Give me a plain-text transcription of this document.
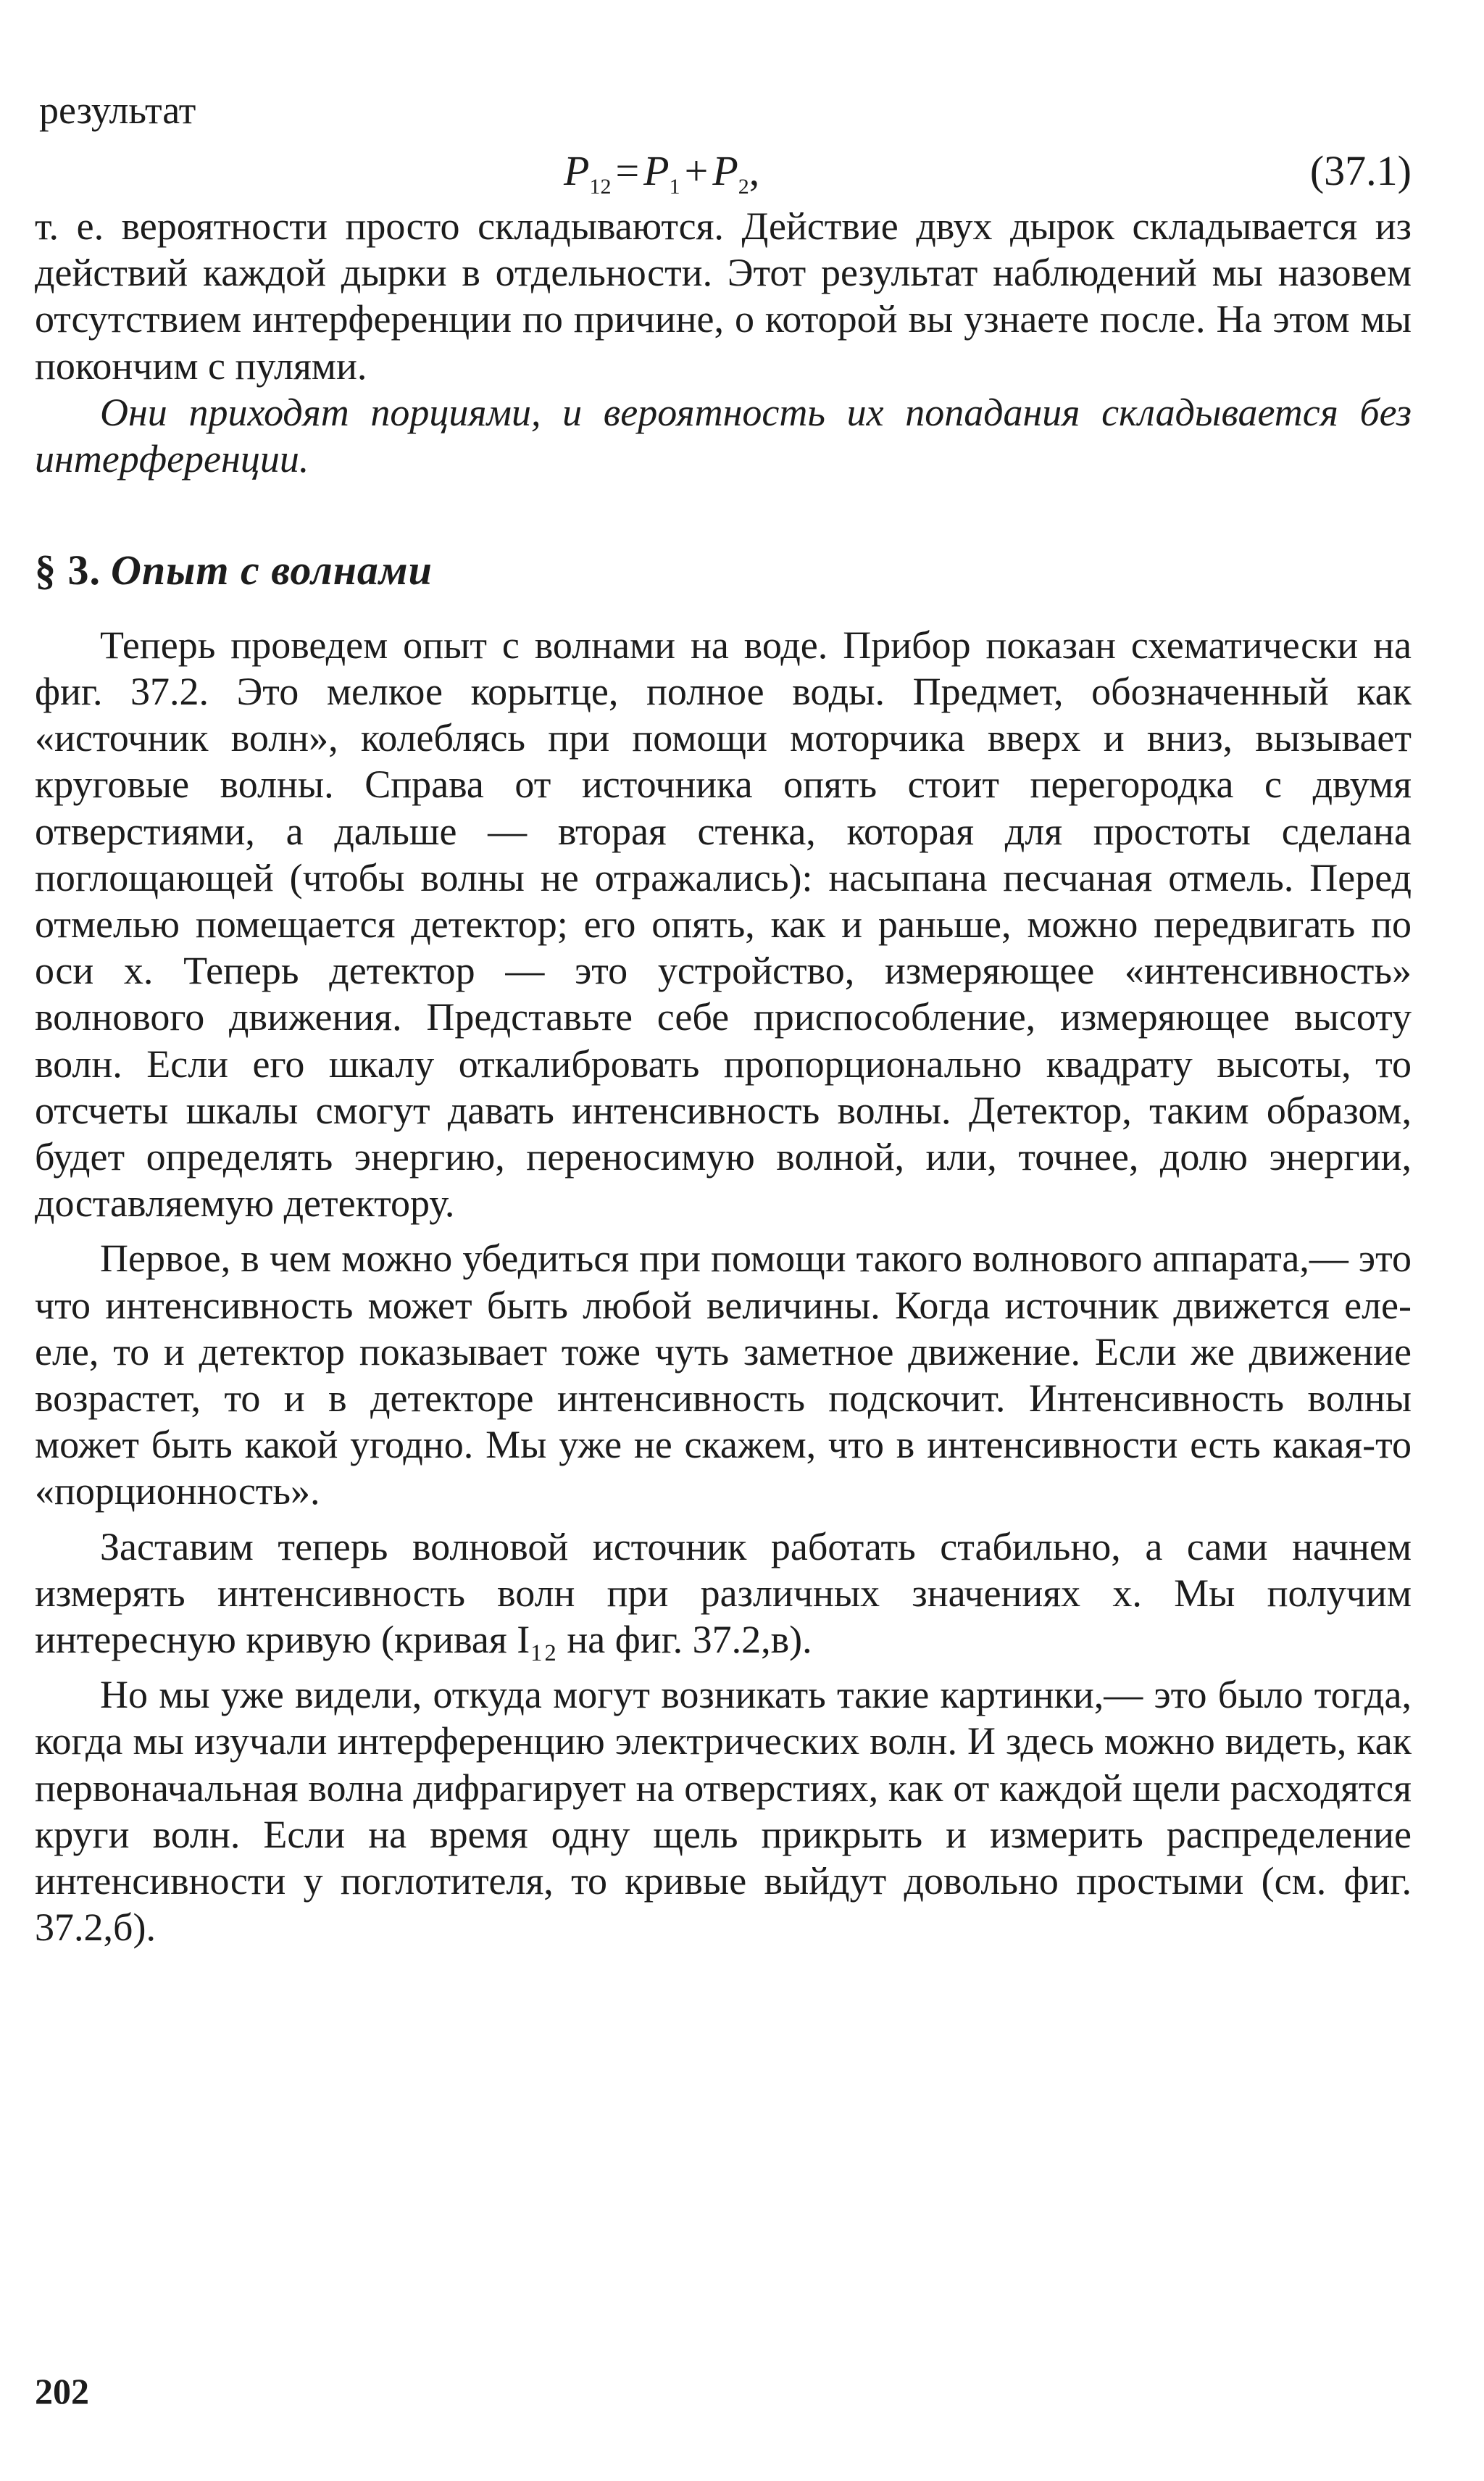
результат

$P_{12} = P_1 + P_2$,	(37.1)

т. е. вероятности просто складываются. Действие двух дырок складывается из действий каждой дырки в отдельности. Этот результат наблюдений мы назовем отсутствием интерференции по причине, о которой вы узнаете после. На этом мы покончим с пулями.

Они приходят порциями, и вероятность их попадания складывается без интерференции.

§ 3. Опыт с волнами

Теперь проведем опыт с волнами на воде. Прибор показан схематически на фиг. 37.2. Это мелкое корытце, полное воды. Предмет, обозначенный как «источник волн», колеблясь при помощи моторчика вверх и вниз, вызывает круговые волны. Справа от источника опять стоит перегородка с двумя отверстиями, а дальше — вторая стенка, которая для простоты сделана поглощающей (чтобы волны не отражались): насыпана песчаная отмель. Перед отмелью помещается детектор; его опять, как и раньше, можно передвигать по оси x. Теперь детектор — это устройство, измеряющее «интенсивность» волнового движения. Представьте себе приспособление, измеряющее высоту волн. Если его шкалу откалибровать пропорционально квадрату высоты, то отсчеты шкалы смогут давать интенсивность волны. Детектор, таким образом, будет определять энергию, переносимую волной, или, точнее, долю энергии, доставляемую детектору.

Первое, в чем можно убедиться при помощи такого волнового аппарата,— это что интенсивность может быть любой величины. Когда источник движется еле-еле, то и детектор показывает тоже чуть заметное движение. Если же движение возрастет, то и в детекторе интенсивность подскочит. Интенсивность волны может быть какой угодно. Мы уже не скажем, что в интенсивности есть какая-то «порционность».

Заставим теперь волновой источник работать стабильно, а сами начнем измерять интенсивность волн при различных значениях x. Мы получим интересную кривую (кривая I₁₂ на фиг. 37.2,в).

Но мы уже видели, откуда могут возникать такие картинки,— это было тогда, когда мы изучали интерференцию электрических волн. И здесь можно видеть, как первоначальная волна дифрагирует на отверстиях, как от каждой щели расходятся круги волн. Если на время одну щель прикрыть и измерить распределение интенсивности у поглотителя, то кривые выйдут довольно простыми (см. фиг. 37.2,б).

202
